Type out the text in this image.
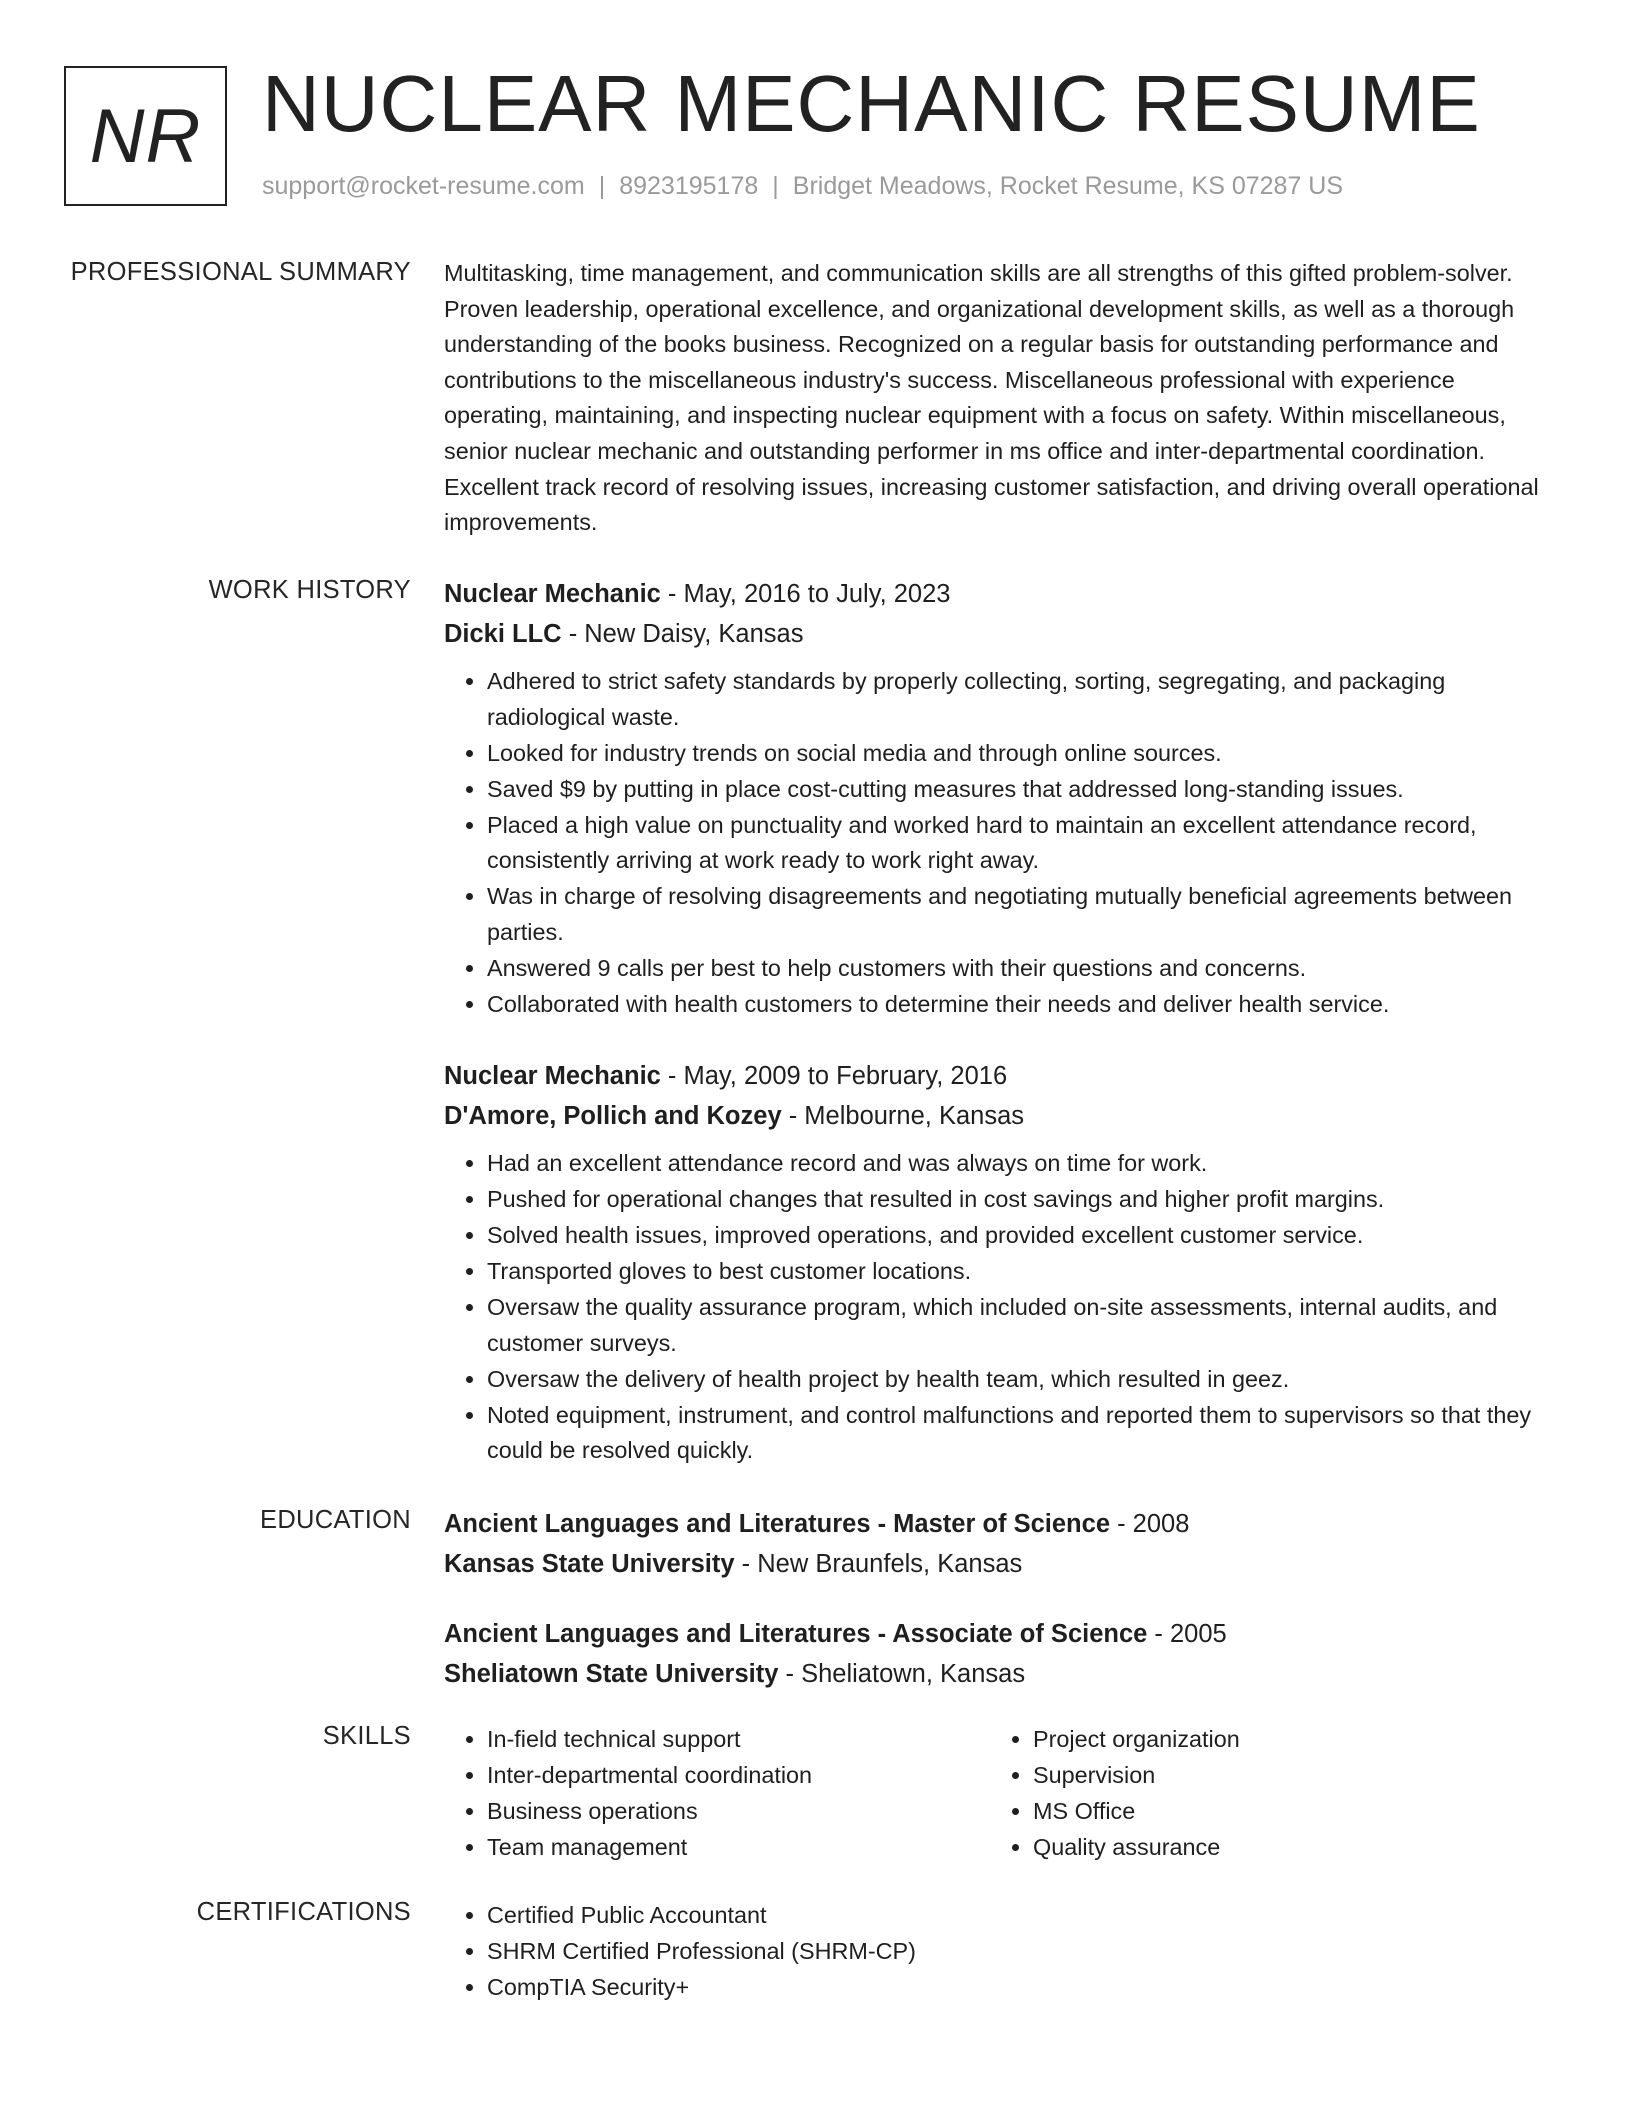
NR NUCLEAR MECHANIC RESUME
support@rocket-resume.com | 8923195178 | Bridget Meadows, Rocket Resume, KS 07287 US
PROFESSIONAL SUMMARY Multitasking, time management, and communication skills are all strengths of this gifted problem-solver. Proven leadership, operational excellence, and organizational development skills, as well as a thorough understanding of the books business. Recognized on a regular basis for outstanding performance and contributions to the miscellaneous industry's success. Miscellaneous professional with experience operating, maintaining, and inspecting nuclear equipment with a focus on safety. Within miscellaneous, senior nuclear mechanic and outstanding performer in ms office and inter-departmental coordination. Excellent track record of resolving issues, increasing customer satisfaction, and driving overall operational improvements.

WORK HISTORY Nuclear Mechanic - May, 2016 to July, 2023
Dicki LLC - New Daisy, Kansas
• Adhered to strict safety standards by properly collecting, sorting, segregating, and packaging radiological waste.
• Looked for industry trends on social media and through online sources.
• Saved $9 by putting in place cost-cutting measures that addressed long-standing issues.
• Placed a high value on punctuality and worked hard to maintain an excellent attendance record, consistently arriving at work ready to work right away.
• Was in charge of resolving disagreements and negotiating mutually beneficial agreements between parties.
• Answered 9 calls per best to help customers with their questions and concerns.
• Collaborated with health customers to determine their needs and deliver health service.
Nuclear Mechanic - May, 2009 to February, 2016
D'Amore, Pollich and Kozey - Melbourne, Kansas
• Had an excellent attendance record and was always on time for work.
• Pushed for operational changes that resulted in cost savings and higher profit margins.
• Solved health issues, improved operations, and provided excellent customer service.
• Transported gloves to best customer locations.
• Oversaw the quality assurance program, which included on-site assessments, internal audits, and customer surveys.
• Oversaw the delivery of health project by health team, which resulted in geez.
• Noted equipment, instrument, and control malfunctions and reported them to supervisors so that they could be resolved quickly.
EDUCATION Ancient Languages and Literatures - Master of Science - 2008
Kansas State University - New Braunfels, Kansas
Ancient Languages and Literatures - Associate of Science - 2005
Sheliatown State University - Sheliatown, Kansas
SKILLS	• In-field technical support
• Inter-departmental coordination
• Business operations
• Team management
• Project organization
• Supervision
• MS Office
• Quality assurance
CERTIFICATIONS	• Certified Public Accountant
• SHRM Certified Professional (SHRM-CP)
• CompTIA Security+
